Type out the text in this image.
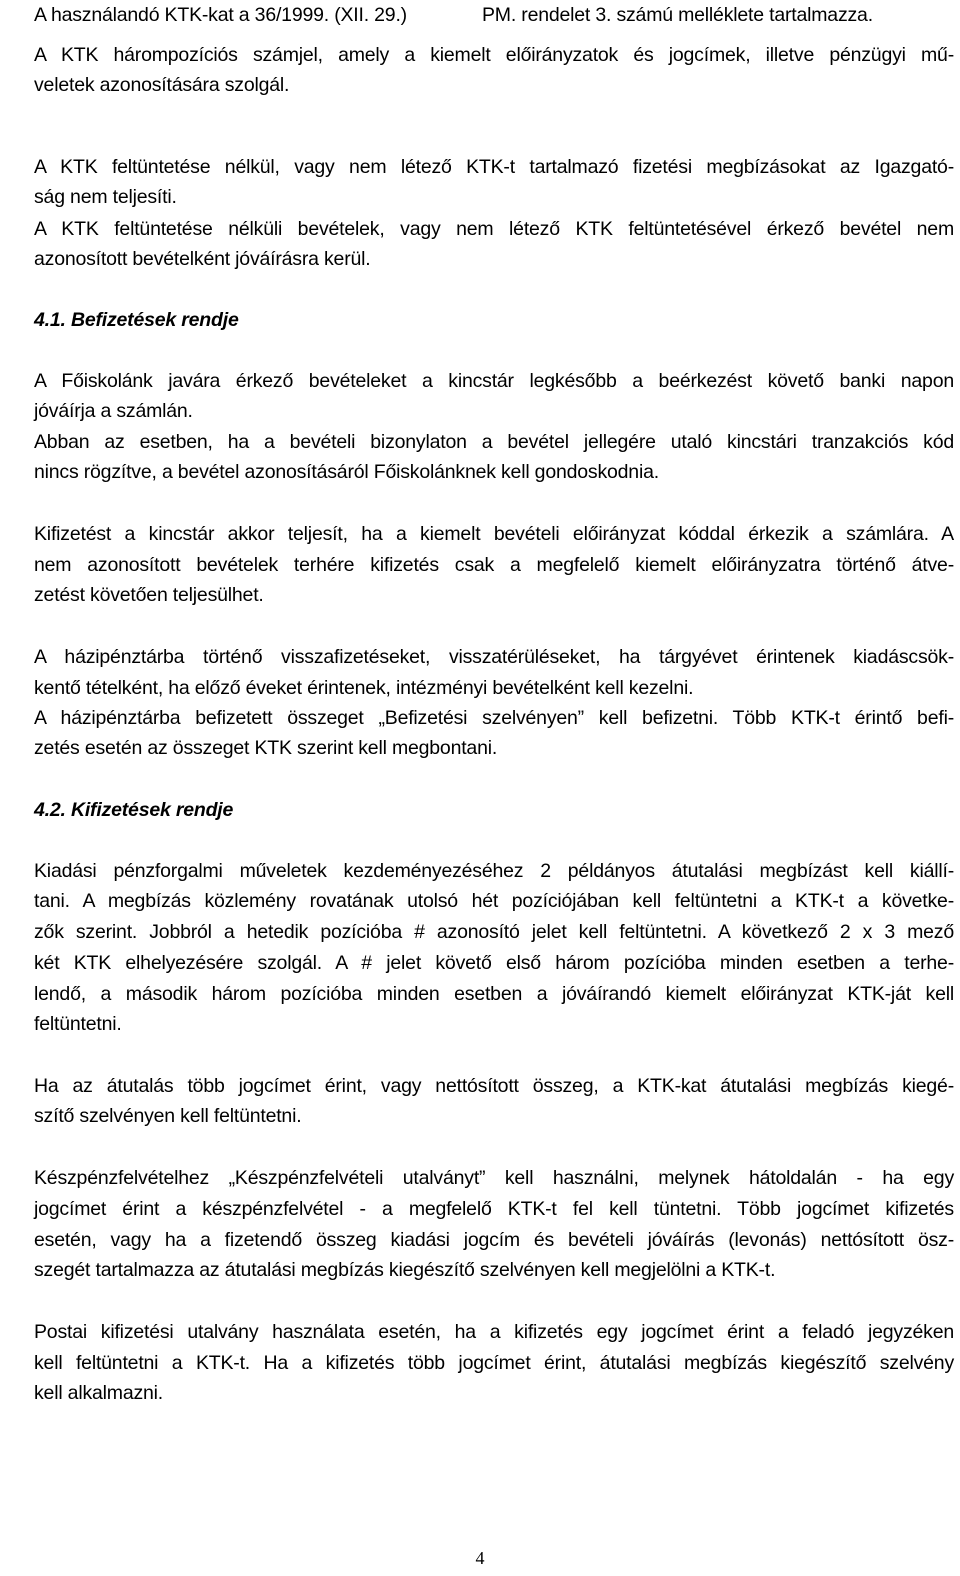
A használandó KTK-kat a 36/1999. (XII. 29.)	PM. rendelet 3. számú melléklete tartalmazza.
A KTK hárompozíciós számjel, amely a kiemelt előirányzatok és jogcímek, illetve pénzügyi mű-
veletek azonosítására szolgál.
A KTK feltüntetése nélkül, vagy nem létező KTK-t tartalmazó fizetési megbízásokat az Igazgató-
ság nem teljesíti.
A KTK feltüntetése nélküli bevételek, vagy nem létező KTK feltüntetésével érkező bevétel nem
azonosított bevételként jóváírásra kerül.
4.1. Befizetések rendje
A Főiskolánk javára érkező bevételeket a kincstár legkésőbb a beérkezést követő banki napon
jóváírja a számlán.
Abban az esetben, ha a bevételi bizonylaton a bevétel jellegére utaló kincstári tranzakciós kód
nincs rögzítve, a bevétel azonosításáról Főiskolánknek kell gondoskodnia.
Kifizetést a kincstár akkor teljesít, ha a kiemelt bevételi előirányzat kóddal érkezik a számlára. A
nem azonosított bevételek terhére kifizetés csak a megfelelő kiemelt előirányzatra történő átve-
zetést követően teljesülhet.
A házipénztárba történő visszafizetéseket, visszatérüléseket, ha tárgyévet érintenek kiadáscsök-
kentő tételként, ha előző éveket érintenek, intézményi bevételként kell kezelni.
A házipénztárba befizetett összeget „Befizetési szelvényen” kell befizetni. Több KTK-t érintő befi-
zetés esetén az összeget KTK szerint kell megbontani.
4.2. Kifizetések rendje
Kiadási pénzforgalmi műveletek kezdeményezéséhez 2 példányos átutalási megbízást kell kiállí-
tani. A megbízás közlemény rovatának utolsó hét pozíciójában kell feltüntetni a KTK-t a követke-
zők szerint. Jobbról a hetedik pozícióba # azonosító jelet kell feltüntetni. A következő 2 x 3 mező
két KTK elhelyezésére szolgál. A # jelet követő első három pozícióba minden esetben a terhe-
lendő, a második három pozícióba minden esetben a jóváírandó kiemelt előirányzat KTK-ját kell
feltüntetni.
Ha az átutalás több jogcímet érint, vagy nettósított összeg, a KTK-kat átutalási megbízás kiegé-
szítő szelvényen kell feltüntetni.
Készpénzfelvételhez „Készpénzfelvételi utalványt” kell használni, melynek hátoldalán - ha egy
jogcímet érint a készpénzfelvétel - a megfelelő KTK-t fel kell tüntetni. Több jogcímet kifizetés
esetén, vagy ha a fizetendő összeg kiadási jogcím és bevételi jóváírás (levonás) nettósított ösz-
szegét tartalmazza az átutalási megbízás kiegészítő szelvényen kell megjelölni a KTK-t.
Postai kifizetési utalvány használata esetén, ha a kifizetés egy jogcímet érint a feladó jegyzéken
kell feltüntetni a KTK-t. Ha a kifizetés több jogcímet érint, átutalási megbízás kiegészítő szelvény
kell alkalmazni.
4
